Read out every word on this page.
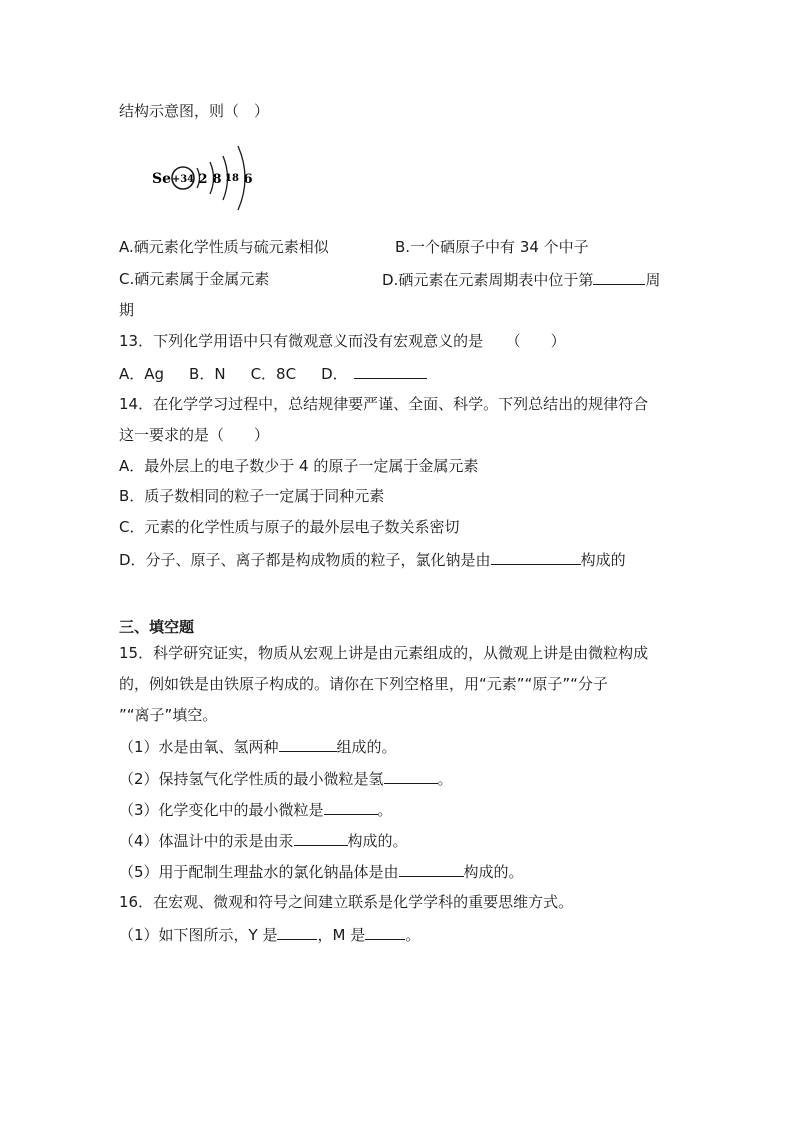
结构示意图，则（　）
Se +34 2 8 18 6
A.硒元素化学性质与硫元素相似	B.一个硒原子中有 34 个中子
C.硒元素属于金属元素	D.硒元素在元素周期表中位于第	周
期
13．下列化学用语中只有微观意义而没有宏观意义的是　　（　　）
A．Ag B．N C．8C D．
14．在化学学习过程中，总结规律要严谨、全面、科学。下列总结出的规律符合
这一要求的是（　　）
A．最外层上的电子数少于 4 的原子一定属于金属元素
B．质子数相同的粒子一定属于同种元素
C．元素的化学性质与原子的最外层电子数关系密切
D．分子、原子、离子都是构成物质的粒子，氯化钠是由	构成的
三、填空题
15．科学研究证实，物质从宏观上讲是由元素组成的，从微观上讲是由微粒构成
的，例如铁是由铁原子构成的。请你在下列空格里，用“元素”“原子”“分子
”“离子”填空。
（1）水是由氧、氢两种	组成的。
（2）保持氢气化学性质的最小微粒是氢	。
（3）化学变化中的最小微粒是	。
（4）体温计中的汞是由汞	构成的。
（5）用于配制生理盐水的氯化钠晶体是由	构成的。
16．在宏观、微观和符号之间建立联系是化学学科的重要思维方式。
（1）如下图所示，Y 是	，M 是	。
